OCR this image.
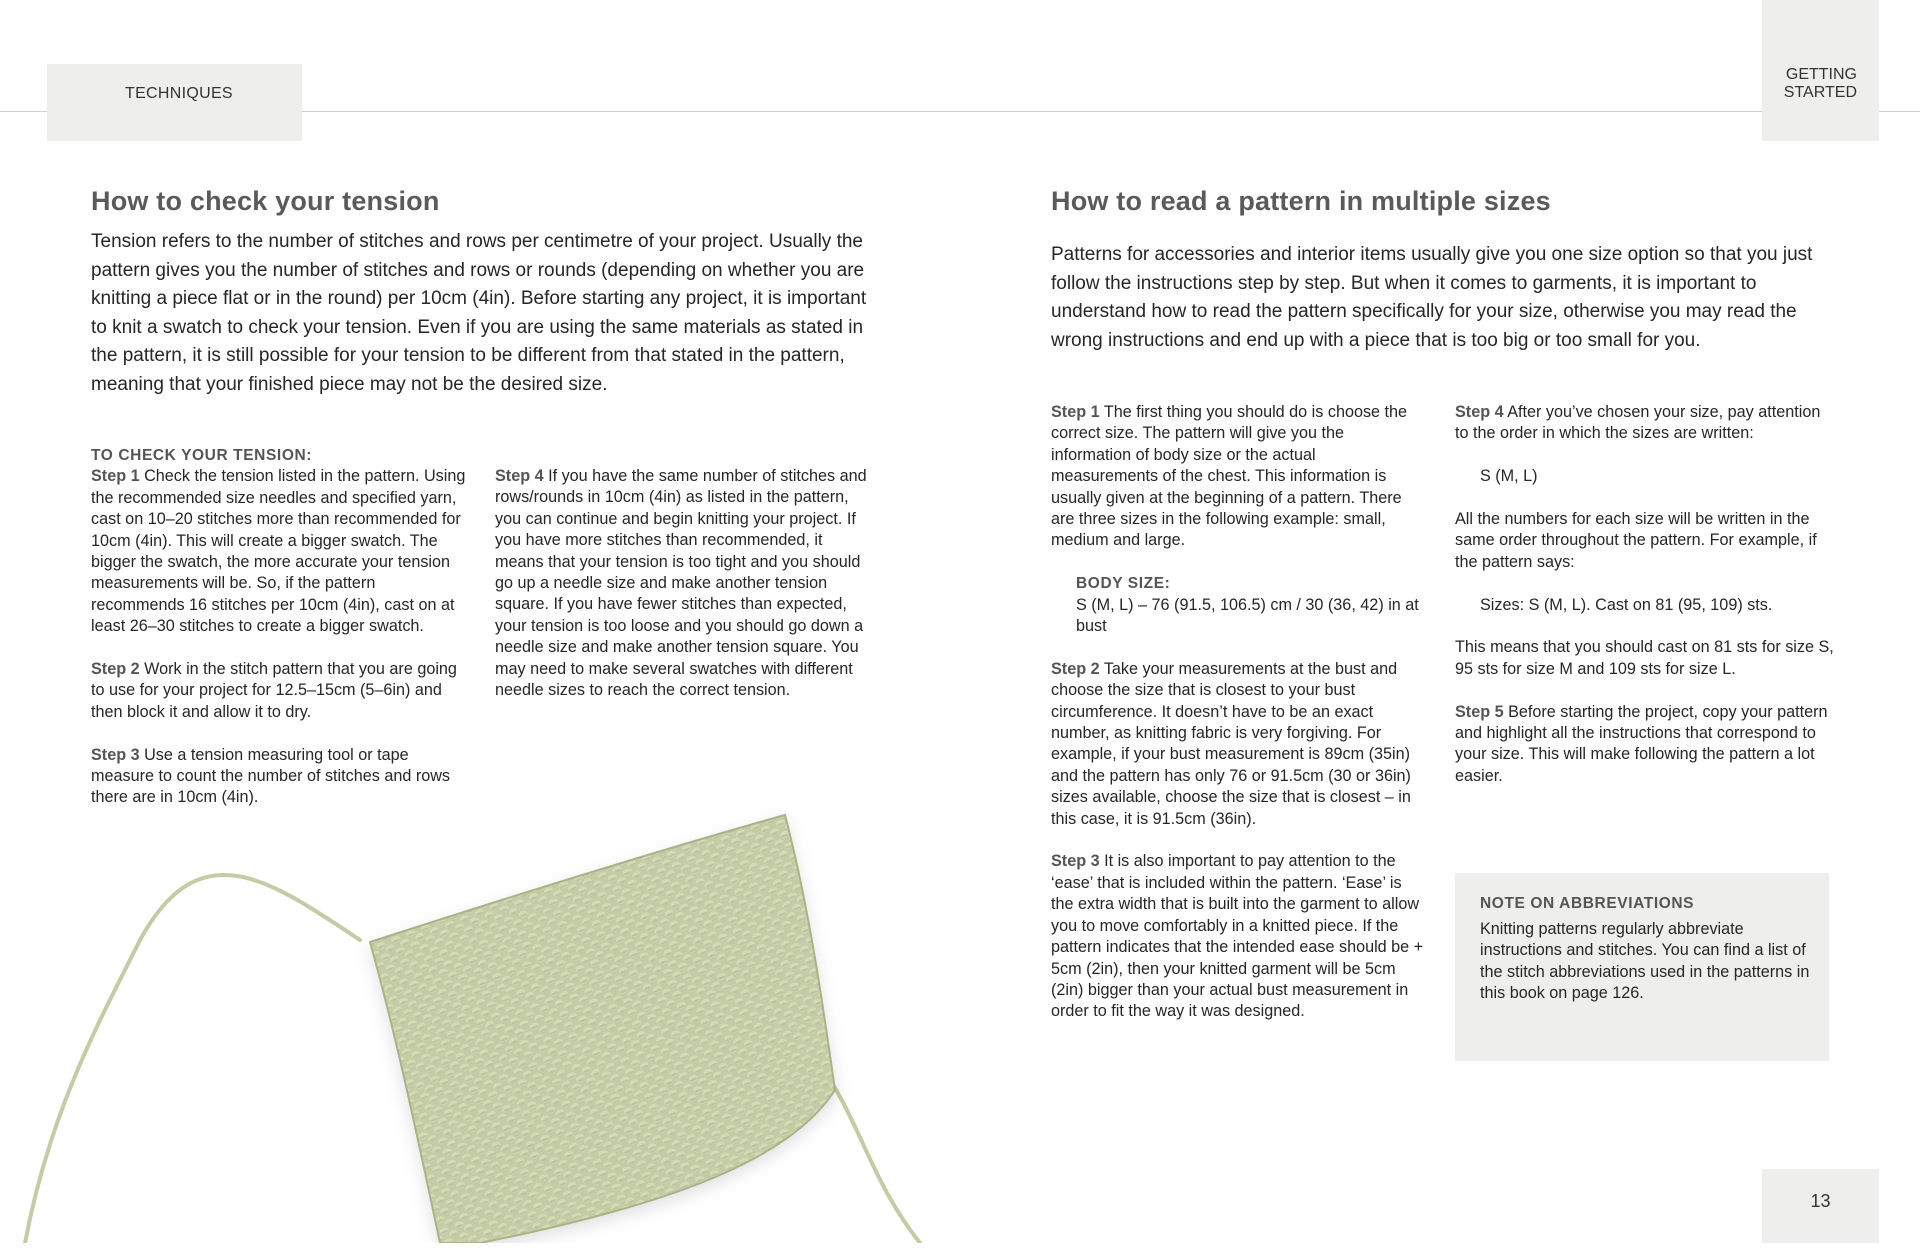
TECHNIQUES
GETTING STARTED
How to check your tension

Tension refers to the number of stitches and rows per centimetre of your project. Usually the pattern gives you the number of stitches and rows or rounds (depending on whether you are knitting a piece flat or in the round) per 10cm (4in). Before starting any project, it is important to knit a swatch to check your tension. Even if you are using the same materials as stated in the pattern, it is still possible for your tension to be different from that stated in the pattern, meaning that your finished piece may not be the desired size.

TO CHECK YOUR TENSION:

Step 1 Check the tension listed in the pattern. Using the recommended size needles and specified yarn, cast on 10–20 stitches more than recommended for 10cm (4in). This will create a bigger swatch. The bigger the swatch, the more accurate your tension measurements will be. So, if the pattern recommends 16 stitches per 10cm (4in), cast on at least 26–30 stitches to create a bigger swatch.

Step 2 Work in the stitch pattern that you are going to use for your project for 12.5–15cm (5–6in) and then block it and allow it to dry.

Step 3 Use a tension measuring tool or tape measure to count the number of stitches and rows there are in 10cm (4in).

Step 4 If you have the same number of stitches and rows/rounds in 10cm (4in) as listed in the pattern, you can continue and begin knitting your project. If you have more stitches than recommended, it means that your tension is too tight and you should go up a needle size and make another tension square. If you have fewer stitches than expected, your tension is too loose and you should go down a needle size and make another tension square. You may need to make several swatches with different needle sizes to reach the correct tension.

How to read a pattern in multiple sizes

Patterns for accessories and interior items usually give you one size option so that you just follow the instructions step by step. But when it comes to garments, it is important to understand how to read the pattern specifically for your size, otherwise you may read the wrong instructions and end up with a piece that is too big or too small for you.

Step 1 The first thing you should do is choose the correct size. The pattern will give you the information of body size or the actual measurements of the chest. This information is usually given at the beginning of a pattern. There are three sizes in the following example: small, medium and large.

BODY SIZE:
S (M, L) – 76 (91.5, 106.5) cm / 30 (36, 42) in at bust

Step 2 Take your measurements at the bust and choose the size that is closest to your bust circumference. It doesn’t have to be an exact number, as knitting fabric is very forgiving. For example, if your bust measurement is 89cm (35in) and the pattern has only 76 or 91.5cm (30 or 36in) sizes available, choose the size that is closest – in this case, it is 91.5cm (36in).

Step 3 It is also important to pay attention to the ‘ease’ that is included within the pattern. ‘Ease’ is the extra width that is built into the garment to allow you to move comfortably in a knitted piece. If the pattern indicates that the intended ease should be + 5cm (2in), then your knitted garment will be 5cm (2in) bigger than your actual bust measurement in order to fit the way it was designed.

Step 4 After you’ve chosen your size, pay attention to the order in which the sizes are written:

S (M, L)

All the numbers for each size will be written in the same order throughout the pattern. For example, if the pattern says:

Sizes: S (M, L). Cast on 81 (95, 109) sts.

This means that you should cast on 81 sts for size S, 95 sts for size M and 109 sts for size L.

Step 5 Before starting the project, copy your pattern and highlight all the instructions that correspond to your size. This will make following the pattern a lot easier.

NOTE ON ABBREVIATIONS
Knitting patterns regularly abbreviate instructions and stitches. You can find a list of the stitch abbreviations used in the patterns in this book on page 126.
13
